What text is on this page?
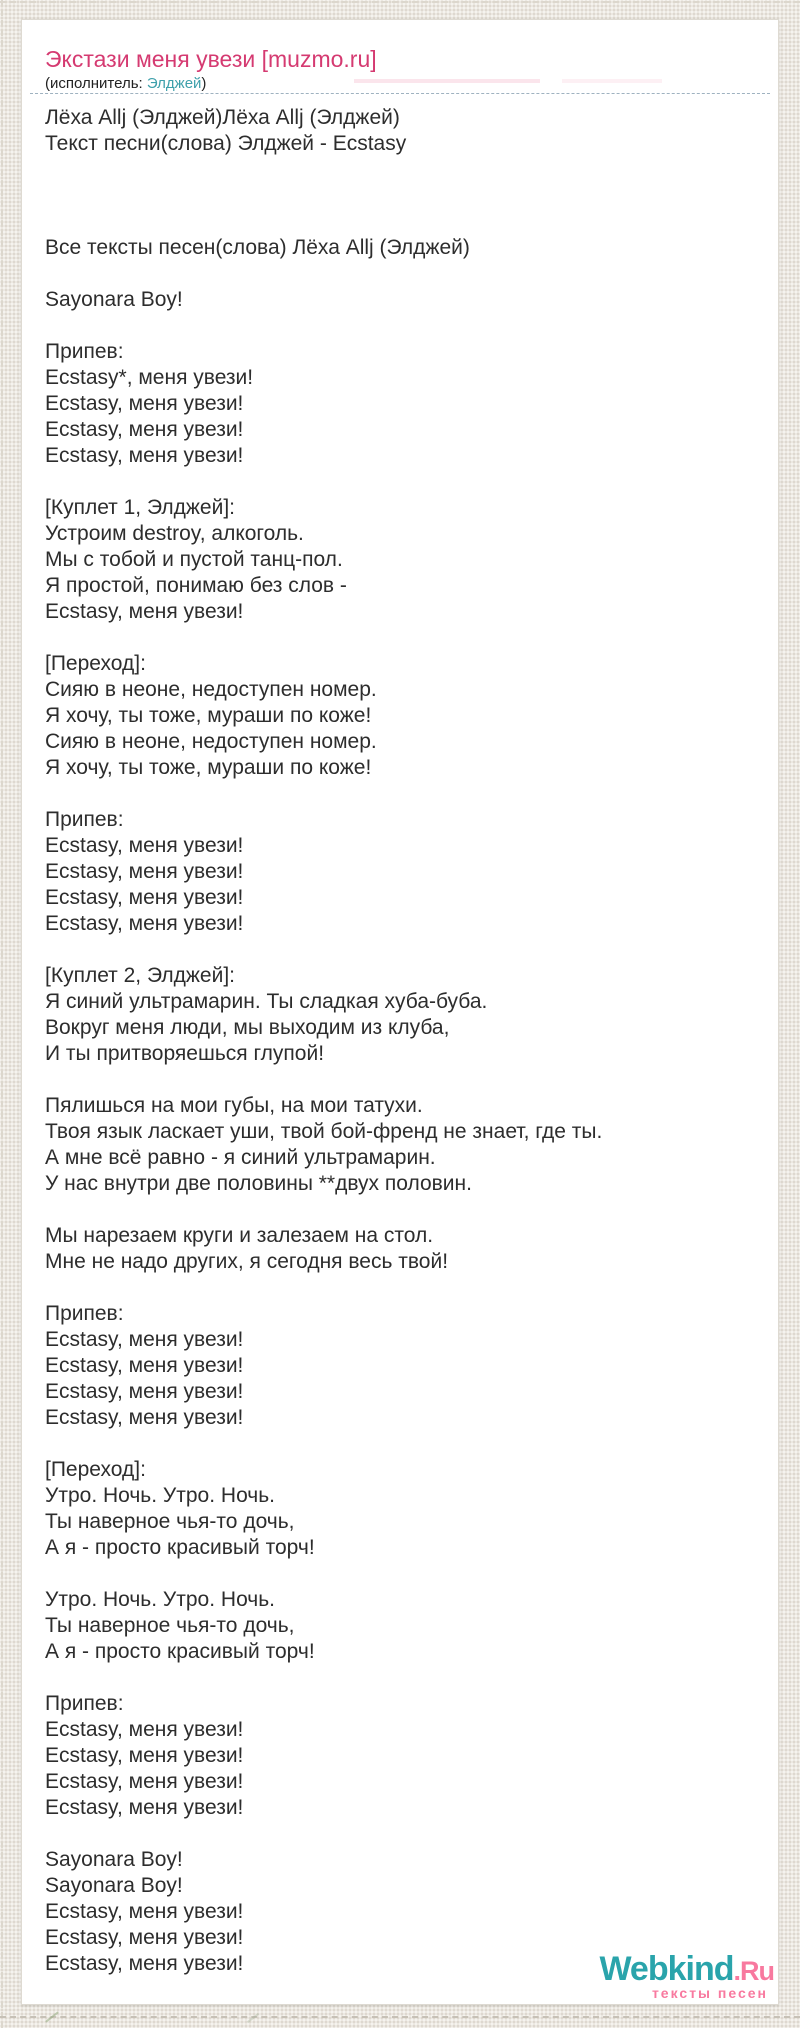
Экстази меня увези [muzmo.ru]
(исполнитель: Элджей)
Лёха Allj (Элджей)Лёха Allj (Элджей)
Текст песни(слова) Элджей - Ecstasy

Все тексты песен(слова) Лёха Allj (Элджей)

Sayonara Boy!

Припев:
Ecstasy*, меня увези!
Ecstasy, меня увези!
Ecstasy, меня увези!
Ecstasy, меня увези!

[Куплет 1, Элджей]:
Устроим destroy, алкоголь.
Мы с тобой и пустой танц-пол.
Я простой, понимаю без слов -
Ecstasy, меня увези!

[Переход]:
Сияю в неоне, недоступен номер.
Я хочу, ты тоже, мураши по коже!
Сияю в неоне, недоступен номер.
Я хочу, ты тоже, мураши по коже!

Припев:
Ecstasy, меня увези!
Ecstasy, меня увези!
Ecstasy, меня увези!
Ecstasy, меня увези!

[Куплет 2, Элджей]:
Я синий ультрамарин. Ты сладкая хуба-буба.
Вокруг меня люди, мы выходим из клуба,
И ты притворяешься глупой!

Пялишься на мои губы, на мои татухи.
Твоя язык ласкает уши, твой бой-френд не знает, где ты.
А мне всё равно - я синий ультрамарин.
У нас внутри две половины **двух половин.

Мы нарезаем круги и залезаем на стол.
Мне не надо других, я сегодня весь твой!

Припев:
Ecstasy, меня увези!
Ecstasy, меня увези!
Ecstasy, меня увези!
Ecstasy, меня увези!

[Переход]:
Утро. Ночь. Утро. Ночь.
Ты наверное чья-то дочь,
А я - просто красивый торч!

Утро. Ночь. Утро. Ночь.
Ты наверное чья-то дочь,
А я - просто красивый торч!

Припев:
Ecstasy, меня увези!
Ecstasy, меня увези!
Ecstasy, меня увези!
Ecstasy, меня увези!

Sayonara Boy!
Sayonara Boy!
Ecstasy, меня увези!
Ecstasy, меня увези!
Ecstasy, меня увези!	Webkind.Ru
тексты песен
